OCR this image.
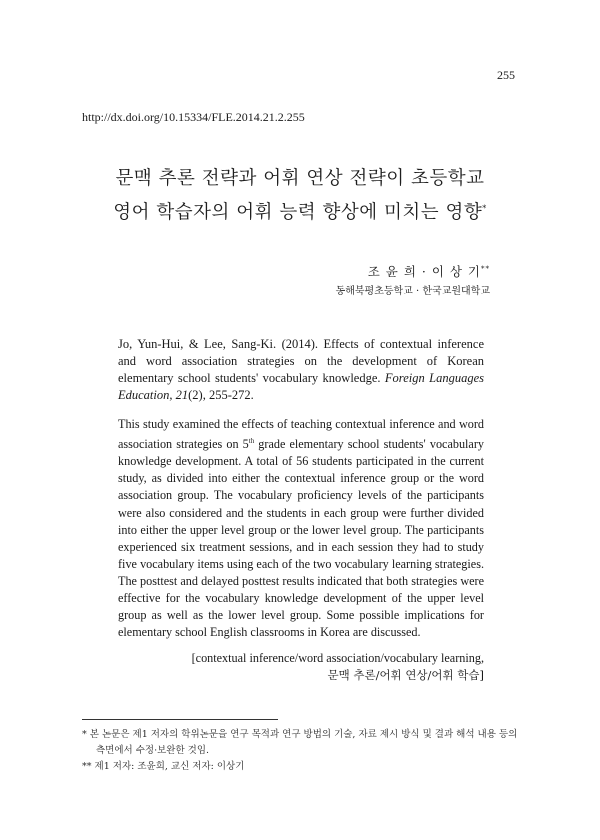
255
http://dx.doi.org/10.15334/FLE.2014.21.2.255
문맥 추론 전략과 어휘 연상 전략이 초등학교
영어 학습자의 어휘 능력 향상에 미치는 영향*
조 윤 희 · 이 상 기**
동해북평초등학교 · 한국교원대학교
Jo, Yun-Hui, & Lee, Sang-Ki. (2014). Effects of contextual inference and word association strategies on the development of Korean elementary school students' vocabulary knowledge. Foreign Languages Education, 21(2), 255-272.
This study examined the effects of teaching contextual inference and word association strategies on 5th grade elementary school students' vocabulary knowledge development. A total of 56 students participated in the current study, as divided into either the contextual inference group or the word association group. The vocabulary proficiency levels of the participants were also considered and the students in each group were further divided into either the upper level group or the lower level group. The participants experienced six treatment sessions, and in each session they had to study five vocabulary items using each of the two vocabulary learning strategies. The posttest and delayed posttest results indicated that both strategies were effective for the vocabulary knowledge development of the upper level group as well as the lower level group. Some possible implications for elementary school English classrooms in Korea are discussed.
[contextual inference/word association/vocabulary learning,
문맥 추론/어휘 연상/어휘 학습]
* 본 논문은 제1 저자의 학위논문을 연구 목적과 연구 방법의 기술, 자료 제시 방식 및 결과 해석 내용 등의 측면에서 수정·보완한 것임.
** 제1 저자: 조윤희, 교신 저자: 이상기
